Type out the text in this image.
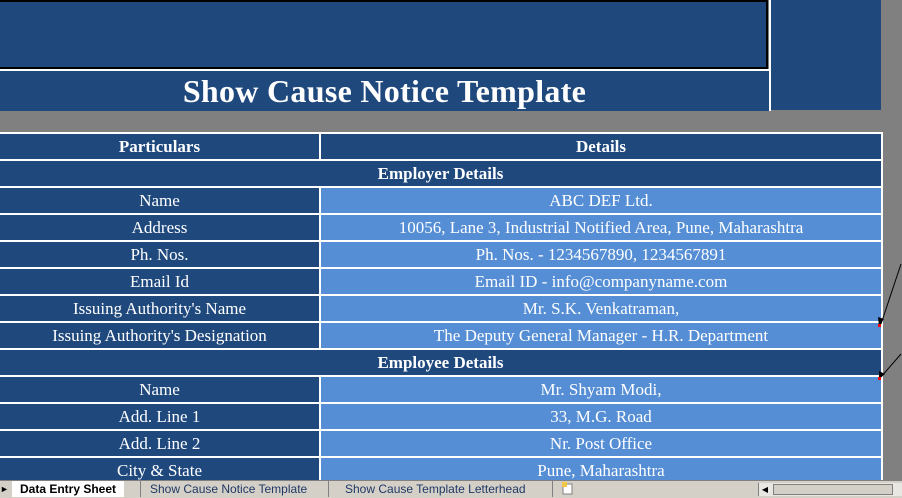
Show Cause Notice Template
Particulars	Details
Employer Details
Name	ABC DEF Ltd.
Address	10056, Lane 3, Industrial Notified Area, Pune, Maharashtra
Ph. Nos.	Ph. Nos. - 1234567890, 1234567891
Email Id	Email ID - info@companyname.com
Issuing Authority's Name	Mr. S.K. Venkatraman,
Issuing Authority's Designation	The Deputy General Manager - H.R. Department
Employee Details
Name	Mr. Shyam Modi,
Add. Line 1	33, M.G. Road
Add. Line 2	Nr. Post Office
City & State	Pune, Maharashtra
► Data Entry Sheet	Show Cause Notice Template	Show Cause Template Letterhead	◀
